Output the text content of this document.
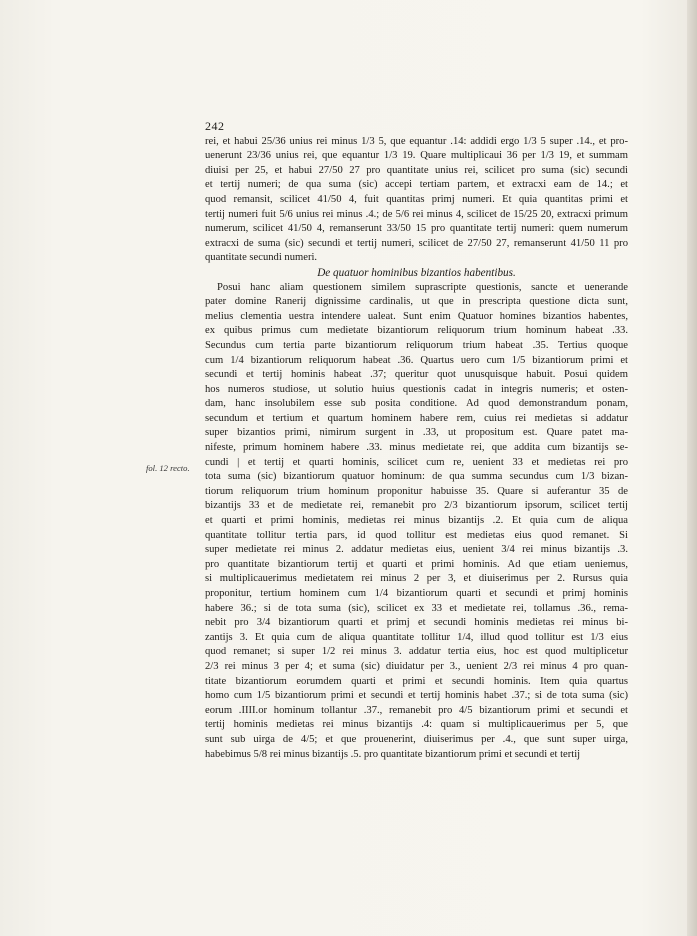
242
rei, et habui 25/36 unius rei minus 1/3 5, que equantur .14: addidi ergo 1/3 5 super .14., et pro-
uenerunt 23/36 unius rei, que equantur 1/3 19. Quare multiplicaui 36 per 1/3 19, et summam
diuisi per 25, et habui 27/50 27 pro quantitate unius rei, scilicet pro suma (sic) secundi
et tertij numeri; de qua suma (sic) accepi tertiam partem, et extracxi eam de 14.; et
quod remansit, scilicet 41/50 4, fuit quantitas primj numeri. Et quia quantitas primi et
tertij numeri fuit 5/6 unius rei minus .4.; de 5/6 rei minus 4, scilicet de 15/25 20, extracxi primum
numerum, scilicet 41/50 4, remanserunt 33/50 15 pro quantitate tertij numeri: quem numerum
extracxi de suma (sic) secundi et tertij numeri, scilicet de 27/50 27, remanserunt 41/50 11 pro
quantitate secundi numeri.
De quatuor hominibus bizantios habentibus.
Posui hanc aliam questionem similem suprascripte questionis, sancte et uenerande
pater domine Ranerij dignissime cardinalis, ut que in prescripta questione dicta sunt,
melius clementia uestra intendere ualeat. Sunt enim Quatuor homines bizantios habentes,
ex quibus primus cum medietate bizantiorum reliquorum trium hominum habeat .33.
Secundus cum tertia parte bizantiorum reliquorum trium habeat .35. Tertius quoque
cum 1/4 bizantiorum reliquorum habeat .36. Quartus uero cum 1/5 bizantiorum primi et
secundi et tertij hominis habeat .37; queritur quot unusquisque habuit. Posui quidem
hos numeros studiose, ut solutio huius questionis cadat in integris numeris; et osten-
dam, hanc insolubilem esse sub posita conditione. Ad quod demonstrandum ponam,
secundum et tertium et quartum hominem habere rem, cuius rei medietas si addatur
super bizantios primi, nimirum surgent in .33, ut propositum est. Quare patet ma-
nifeste, primum hominem habere .33. minus medietate rei, que addita cum bizantijs se-
cundi | et tertij et quarti hominis, scilicet cum re, uenient 33 et medietas rei pro
tota suma (sic) bizantiorum quatuor hominum: de qua summa secundus cum 1/3 bizan-
tiorum reliquorum trium hominum proponitur habuisse 35. Quare si auferantur 35 de
bizantijs 33 et de medietate rei, remanebit pro 2/3 bizantiorum ipsorum, scilicet tertij
et quarti et primi hominis, medietas rei minus bizantijs .2. Et quia cum de aliqua
quantitate tollitur tertia pars, id quod tollitur est medietas eius quod remanet. Si
super medietate rei minus 2. addatur medietas eius, uenient 3/4 rei minus bizantijs .3.
pro quantitate bizantiorum tertij et quarti et primi hominis. Ad que etiam ueniemus,
si multiplicauerimus medietatem rei minus 2 per 3, et diuiserimus per 2. Rursus quia
proponitur, tertium hominem cum 1/4 bizantiorum quarti et secundi et primj hominis
habere 36.; si de tota suma (sic), scilicet ex 33 et medietate rei, tollamus .36., rema-
nebit pro 3/4 bizantiorum quarti et primj et secundi hominis medietas rei minus bi-
zantijs 3. Et quia cum de aliqua quantitate tollitur 1/4, illud quod tollitur est 1/3 eius
quod remanet; si super 1/2 rei minus 3. addatur tertia eius, hoc est quod multiplicetur
2/3 rei minus 3 per 4; et suma (sic) diuidatur per 3., uenient 2/3 rei minus 4 pro quan-
titate bizantiorum eorumdem quarti et primi et secundi hominis. Item quia quartus
homo cum 1/5 bizantiorum primi et secundi et tertij hominis habet .37.; si de tota suma (sic)
eorum .IIII.or hominum tollantur .37., remanebit pro 4/5 bizantiorum primi et secundi et
tertij hominis medietas rei minus bizantijs .4: quam si multiplicauerimus per 5, que
sunt sub uirga de 4/5; et que prouenerint, diuiserimus per .4., que sunt super uirga,
habebimus 5/8 rei minus bizantijs .5. pro quantitate bizantiorum primi et secundi et tertij
fol. 12 recto.
